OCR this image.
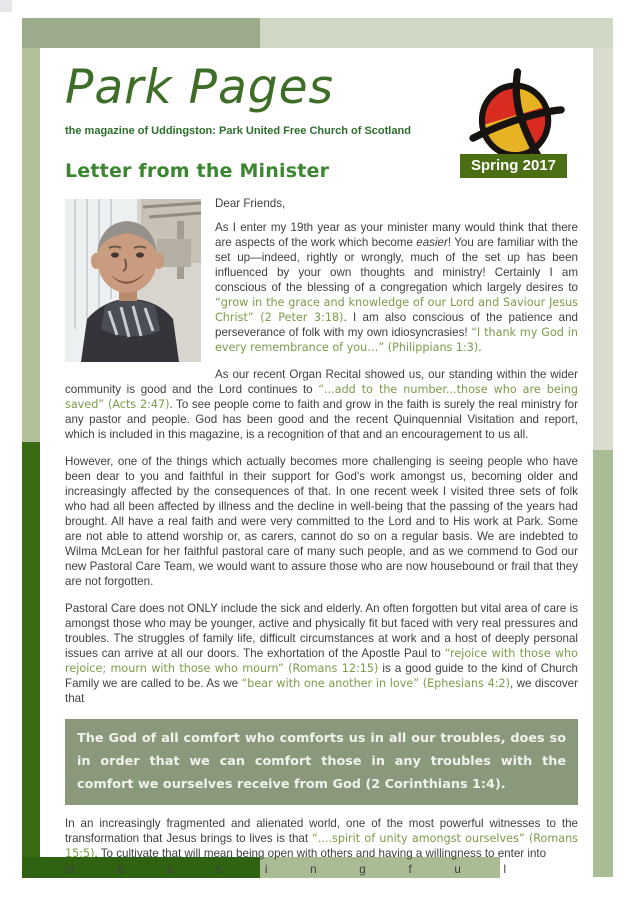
Park Pages
the magazine of Uddingston: Park United Free Church of Scotland
Letter from the Minister	Spring 2017

Dear Friends,

As I enter my 19th year as your minister many would think that there are aspects of the work which become easier! You are familiar with the set up—indeed, rightly or wrongly, much of the set up has been influenced by your own thoughts and ministry! Certainly I am conscious of the blessing of a congregation which largely desires to “grow in the grace and knowledge of our Lord and Saviour Jesus Christ” (2 Peter 3:18). I am also conscious of the patience and perseverance of folk with my own idiosyncrasies! “I thank my God in every remembrance of you…” (Philippians 1:3).

As our recent Organ Recital showed us, our standing within the wider community is good and the Lord continues to “...add to the number...those who are being saved” (Acts 2:47). To see people come to faith and grow in the faith is surely the real ministry for any pastor and people. God has been good and the recent Quinquennial Visitation and report, which is included in this magazine, is a recognition of that and an encouragement to us all.

However, one of the things which actually becomes more challenging is seeing people who have been dear to you and faithful in their support for God's work amongst us, becoming older and increasingly affected by the consequences of that. In one recent week I visited three sets of folk who had all been affected by illness and the decline in well-being that the passing of the years had brought. All have a real faith and were very committed to the Lord and to His work at Park. Some are not able to attend worship or, as carers, cannot do so on a regular basis. We are indebted to Wilma McLean for her faithful pastoral care of many such people, and as we commend to God our new Pastoral Care Team, we would want to assure those who are now housebound or frail that they are not forgotten.

Pastoral Care does not ONLY include the sick and elderly. An often forgotten but vital area of care is amongst those who may be younger, active and physically fit but faced with very real pressures and troubles. The struggles of family life, difficult circumstances at work and a host of deeply personal issues can arrive at all our doors. The exhortation of the Apostle Paul to “rejoice with those who rejoice; mourn with those who mourn” (Romans 12:15) is a good guide to the kind of Church Family we are called to be. As we “bear with one another in love” (Ephesians 4:2), we discover that

The God of all comfort who comforts us in all our troubles, does so in order that we can comfort those in any troubles with the comfort we ourselves receive from God (2 Corinthians 1:4).

In an increasingly fragmented and alienated world, one of the most powerful witnesses to the transformation that Jesus brings to lives is that “....spirit of unity amongst ourselves” (Romans 15:5). To cultivate that will mean being open with others and having a willingness to enter into

m	e	a	n	i	n	g	f	u	l
